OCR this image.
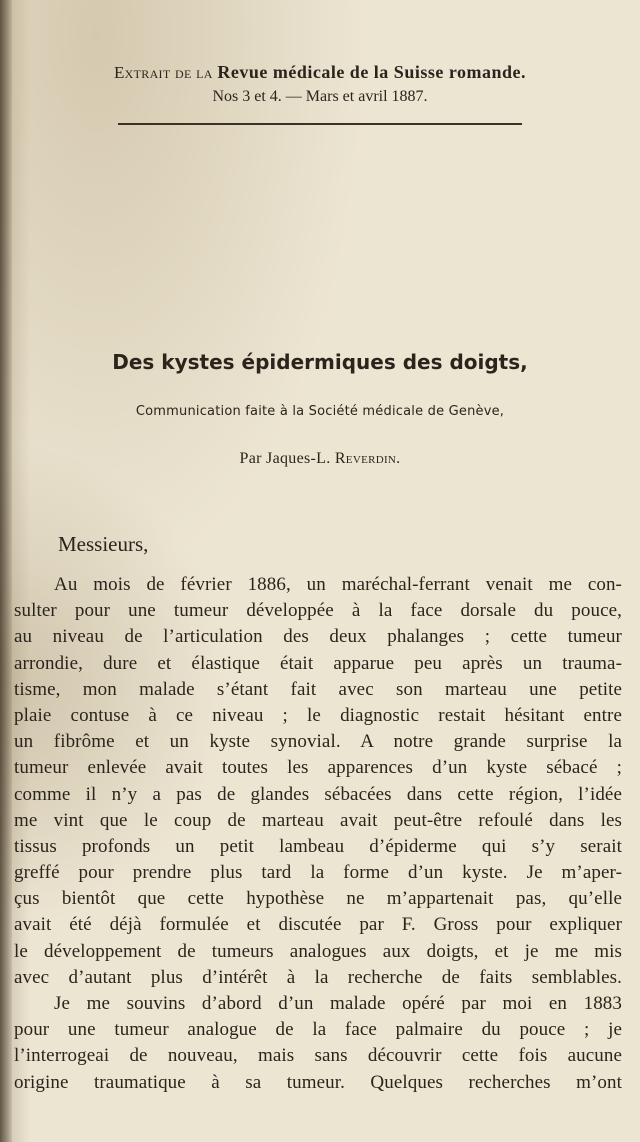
Extrait de la Revue médicale de la Suisse romande.
Nos 3 et 4. — Mars et avril 1887.
Des kystes épidermiques des doigts,
Communication faite à la Société médicale de Genève,
Par Jaques-L. Reverdin.
Messieurs,
Au mois de février 1886, un maréchal-ferrant venait me con-
sulter pour une tumeur développée à la face dorsale du pouce,
au niveau de l’articulation des deux phalanges ; cette tumeur
arrondie, dure et élastique était apparue peu après un trauma-
tisme, mon malade s’étant fait avec son marteau une petite
plaie contuse à ce niveau ; le diagnostic restait hésitant entre
un fibrôme et un kyste synovial. A notre grande surprise la
tumeur enlevée avait toutes les apparences d’un kyste sébacé ;
comme il n’y a pas de glandes sébacées dans cette région, l’idée
me vint que le coup de marteau avait peut-être refoulé dans les
tissus profonds un petit lambeau d’épiderme qui s’y serait
greffé pour prendre plus tard la forme d’un kyste. Je m’aper-
çus bientôt que cette hypothèse ne m’appartenait pas, qu’elle
avait été déjà formulée et discutée par F. Gross pour expliquer
le développement de tumeurs analogues aux doigts, et je me mis
avec d’autant plus d’intérêt à la recherche de faits semblables.
Je me souvins d’abord d’un malade opéré par moi en 1883
pour une tumeur analogue de la face palmaire du pouce ; je
l’interrogeai de nouveau, mais sans découvrir cette fois aucune
origine traumatique à sa tumeur. Quelques recherches m’ont
